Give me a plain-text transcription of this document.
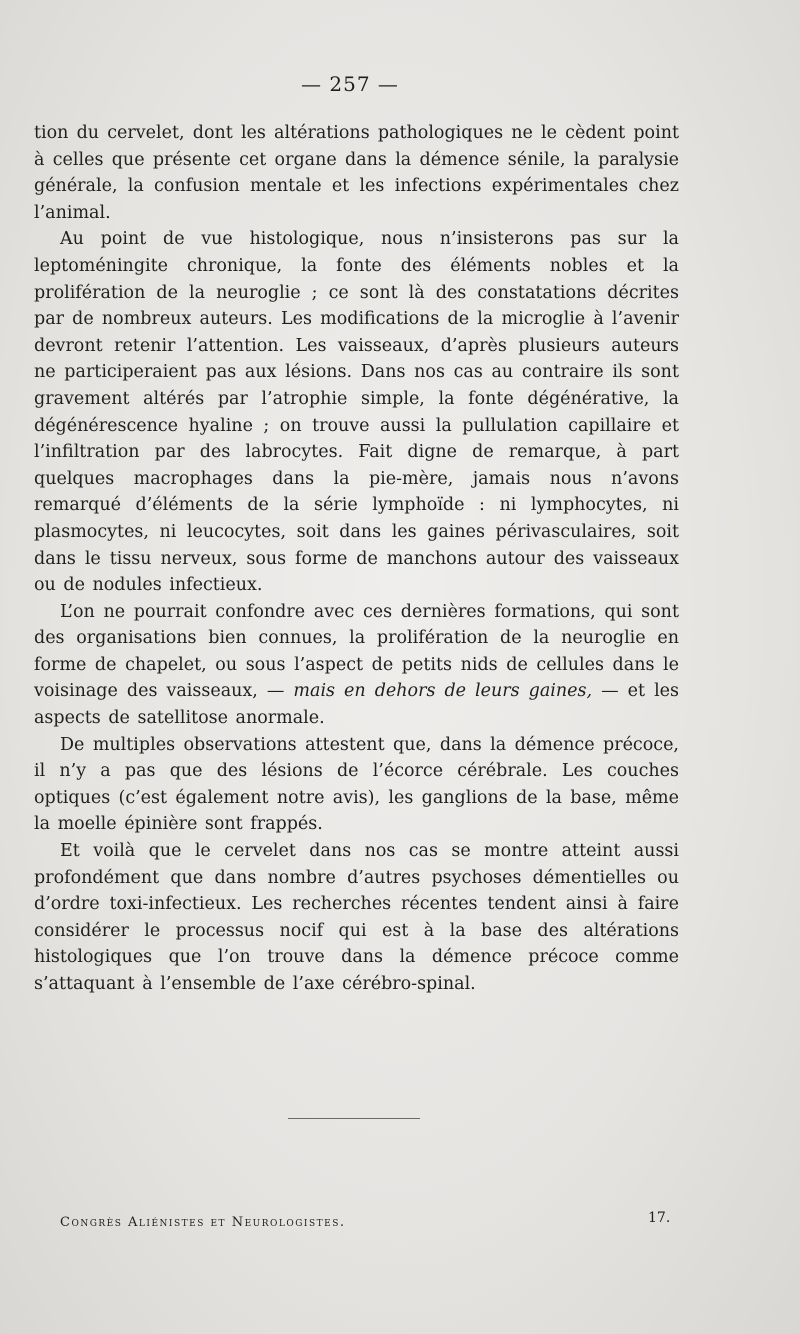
— 257 —

tion du cervelet, dont les altérations pathologiques ne le cèdent point à celles que présente cet organe dans la démence sénile, la paralysie générale, la confusion mentale et les infections expérimentales chez l’animal.

Au point de vue histologique, nous n’insisterons pas sur la leptoméningite chronique, la fonte des éléments nobles et la prolifération de la neuroglie ; ce sont là des constatations décrites par de nombreux auteurs. Les modifications de la microglie à l’avenir devront retenir l’attention. Les vaisseaux, d’après plusieurs auteurs ne participeraient pas aux lésions. Dans nos cas au contraire ils sont gravement altérés par l’atrophie simple, la fonte dégénérative, la dégénérescence hyaline ; on trouve aussi la pullulation capillaire et l’infiltration par des labrocytes. Fait digne de remarque, à part quelques macrophages dans la pie-mère, jamais nous n’avons remarqué d’éléments de la série lymphoïde : ni lymphocytes, ni plasmocytes, ni leucocytes, soit dans les gaines périvasculaires, soit dans le tissu nerveux, sous forme de manchons autour des vaisseaux ou de nodules infectieux.

L’on ne pourrait confondre avec ces dernières formations, qui sont des organisations bien connues, la prolifération de la neuroglie en forme de chapelet, ou sous l’aspect de petits nids de cellules dans le voisinage des vaisseaux, — mais en dehors de leurs gaines, — et les aspects de satellitose anormale.

De multiples observations attestent que, dans la démence précoce, il n’y a pas que des lésions de l’écorce cérébrale. Les couches optiques (c’est également notre avis), les ganglions de la base, même la moelle épinière sont frappés.

Et voilà que le cervelet dans nos cas se montre atteint aussi profondément que dans nombre d’autres psychoses démentielles ou d’ordre toxi-infectieux. Les recherches récentes tendent ainsi à faire considérer le processus nocif qui est à la base des altérations histologiques que l’on trouve dans la démence précoce comme s’attaquant à l’ensemble de l’axe cérébro-spinal.

Congrès Aliénistes et Neurologistes.	17.
